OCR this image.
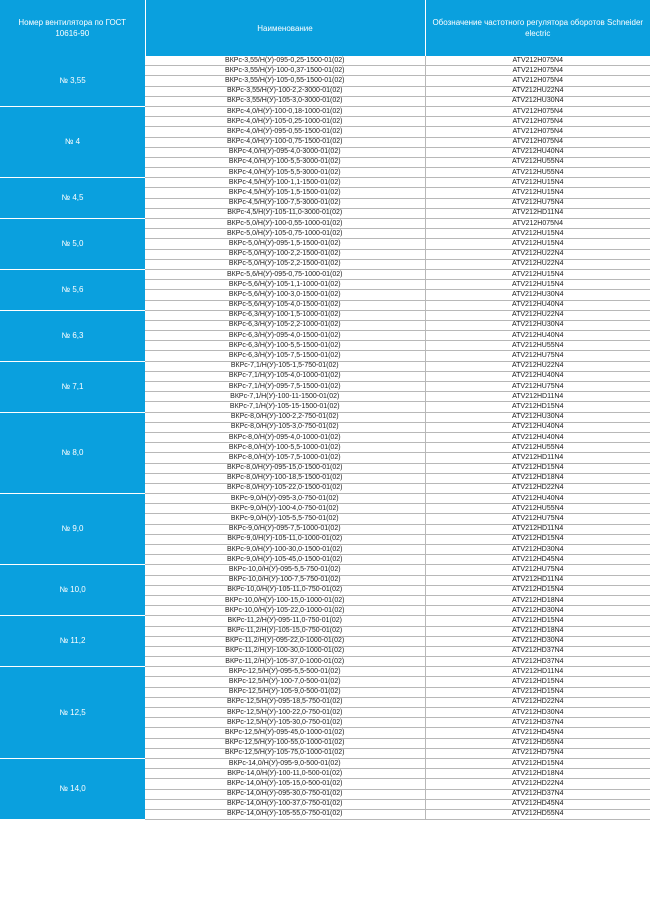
Номер вентилятора по ГОСТ 10616-90	Наименование	Обозначение частотного регулятора оборотов Schneider electric
№ 3,55	ВКРс-3,55/Н(У)-095-0,25-1500-01(02)	ATV212H075N4
	ВКРс-3,55/Н(У)-100-0,37-1500-01(02)	ATV212H075N4
	ВКРс-3,55/Н(У)-105-0,55-1500-01(02)	ATV212H075N4
	ВКРс-3,55/Н(У)-100-2,2-3000-01(02)	ATV212HU22N4
	ВКРс-3,55/Н(У)-105-3,0-3000-01(02)	ATV212HU30N4
№ 4	ВКРс-4,0/Н(У)-100-0,18-1000-01(02)	ATV212H075N4
	ВКРс-4,0/Н(У)-105-0,25-1000-01(02)	ATV212H075N4
	ВКРс-4,0/Н(У)-095-0,55-1500-01(02)	ATV212H075N4
	ВКРс-4,0/Н(У)-100-0,75-1500-01(02)	ATV212H075N4
	ВКРс-4,0/Н(У)-095-4,0-3000-01(02)	ATV212HU40N4
	ВКРс-4,0/Н(У)-100-5,5-3000-01(02)	ATV212HU55N4
	ВКРс-4,0/Н(У)-105-5,5-3000-01(02)	ATV212HU55N4
№ 4,5	ВКРс-4,5/Н(У)-100-1,1-1500-01(02)	ATV212HU15N4
	ВКРс-4,5/Н(У)-105-1,5-1500-01(02)	ATV212HU15N4
	ВКРс-4,5/Н(У)-100-7,5-3000-01(02)	ATV212HU75N4
	ВКРс-4,5/Н(У)-105-11,0-3000-01(02)	ATV212HD11N4
№ 5,0	ВКРс-5,0/Н(У)-100-0,55-1000-01(02)	ATV212H075N4
	ВКРс-5,0/Н(У)-105-0,75-1000-01(02)	ATV212HU15N4
	ВКРс-5,0/Н(У)-095-1,5-1500-01(02)	ATV212HU15N4
	ВКРс-5,0/Н(У)-100-2,2-1500-01(02)	ATV212HU22N4
	ВКРс-5,0/Н(У)-105-2,2-1500-01(02)	ATV212HU22N4
№ 5,6	ВКРс-5,6/Н(У)-095-0,75-1000-01(02)	ATV212HU15N4
	ВКРс-5,6/Н(У)-105-1,1-1000-01(02)	ATV212HU15N4
	ВКРс-5,6/Н(У)-100-3,0-1500-01(02)	ATV212HU30N4
	ВКРс-5,6/Н(У)-105-4,0-1500-01(02)	ATV212HU40N4
№ 6,3	ВКРс-6,3/Н(У)-100-1,5-1000-01(02)	ATV212HU22N4
	ВКРс-6,3/Н(У)-105-2,2-1000-01(02)	ATV212HU30N4
	ВКРс-6,3/Н(У)-095-4,0-1500-01(02)	ATV212HU40N4
	ВКРс-6,3/Н(У)-100-5,5-1500-01(02)	ATV212HU55N4
	ВКРс-6,3/Н(У)-105-7,5-1500-01(02)	ATV212HU75N4
№ 7,1	ВКРс-7,1/Н(У)-105-1,5-750-01(02)	ATV212HU22N4
	ВКРс-7,1/Н(У)-105-4,0-1000-01(02)	ATV212HU40N4
	ВКРс-7,1/Н(У)-095-7,5-1500-01(02)	ATV212HU75N4
	ВКРс-7,1/Н(У)-100-11-1500-01(02)	ATV212HD11N4
	ВКРс-7,1/Н(У)-105-15-1500-01(02)	ATV212HD15N4
№ 8,0	ВКРс-8,0/Н(У)-100-2,2-750-01(02)	ATV212HU30N4
	ВКРс-8,0/Н(У)-105-3,0-750-01(02)	ATV212HU40N4
	ВКРс-8,0/Н(У)-095-4,0-1000-01(02)	ATV212HU40N4
	ВКРс-8,0/Н(У)-100-5,5-1000-01(02)	ATV212HU55N4
	ВКРс-8,0/Н(У)-105-7,5-1000-01(02)	ATV212HD11N4
	ВКРс-8,0/Н(У)-095-15,0-1500-01(02)	ATV212HD15N4
	ВКРс-8,0/Н(У)-100-18,5-1500-01(02)	ATV212HD18N4
	ВКРс-8,0/Н(У)-105-22,0-1500-01(02)	ATV212HD22N4
№ 9,0	ВКРс-9,0/Н(У)-095-3,0-750-01(02)	ATV212HU40N4
	ВКРс-9,0/Н(У)-100-4,0-750-01(02)	ATV212HU55N4
	ВКРс-9,0/Н(У)-105-5,5-750-01(02)	ATV212HU75N4
	ВКРс-9,0/Н(У)-095-7,5-1000-01(02)	ATV212HD11N4
	ВКРс-9,0/Н(У)-105-11,0-1000-01(02)	ATV212HD15N4
	ВКРс-9,0/Н(У)-100-30,0-1500-01(02)	ATV212HD30N4
	ВКРс-9,0/Н(У)-105-45,0-1500-01(02)	ATV212HD45N4
№ 10,0	ВКРс-10,0/Н(У)-095-5,5-750-01(02)	ATV212HU75N4
	ВКРс-10,0/Н(У)-100-7,5-750-01(02)	ATV212HD11N4
	ВКРс-10,0/Н(У)-105-11,0-750-01(02)	ATV212HD15N4
	ВКРс-10,0/Н(У)-100-15,0-1000-01(02)	ATV212HD18N4
	ВКРс-10,0/Н(У)-105-22,0-1000-01(02)	ATV212HD30N4
№ 11,2	ВКРс-11,2/Н(У)-095-11,0-750-01(02)	ATV212HD15N4
	ВКРс-11,2/Н(У)-105-15,0-750-01(02)	ATV212HD18N4
	ВКРс-11,2/Н(У)-095-22,0-1000-01(02)	ATV212HD30N4
	ВКРс-11,2/Н(У)-100-30,0-1000-01(02)	ATV212HD37N4
	ВКРс-11,2/Н(У)-105-37,0-1000-01(02)	ATV212HD37N4
№ 12,5	ВКРс-12,5/Н(У)-095-5,5-500-01(02)	ATV212HD11N4
	ВКРс-12,5/Н(У)-100-7,0-500-01(02)	ATV212HD15N4
	ВКРс-12,5/Н(У)-105-9,0-500-01(02)	ATV212HD15N4
	ВКРс-12,5/Н(У)-095-18,5-750-01(02)	ATV212HD22N4
	ВКРс-12,5/Н(У)-100-22,0-750-01(02)	ATV212HD30N4
	ВКРс-12,5/Н(У)-105-30,0-750-01(02)	ATV212HD37N4
	ВКРс-12,5/Н(У)-095-45,0-1000-01(02)	ATV212HD45N4
	ВКРс-12,5/Н(У)-100-55,0-1000-01(02)	ATV212HD55N4
	ВКРс-12,5/Н(У)-105-75,0-1000-01(02)	ATV212HD75N4
№ 14,0	ВКРс-14,0/Н(У)-095-9,0-500-01(02)	ATV212HD15N4
	ВКРс-14,0/Н(У)-100-11,0-500-01(02)	ATV212HD18N4
	ВКРс-14,0/Н(У)-105-15,0-500-01(02)	ATV212HD22N4
	ВКРс-14,0/Н(У)-095-30,0-750-01(02)	ATV212HD37N4
	ВКРс-14,0/Н(У)-100-37,0-750-01(02)	ATV212HD45N4
	ВКРс-14,0/Н(У)-105-55,0-750-01(02)	ATV212HD55N4
